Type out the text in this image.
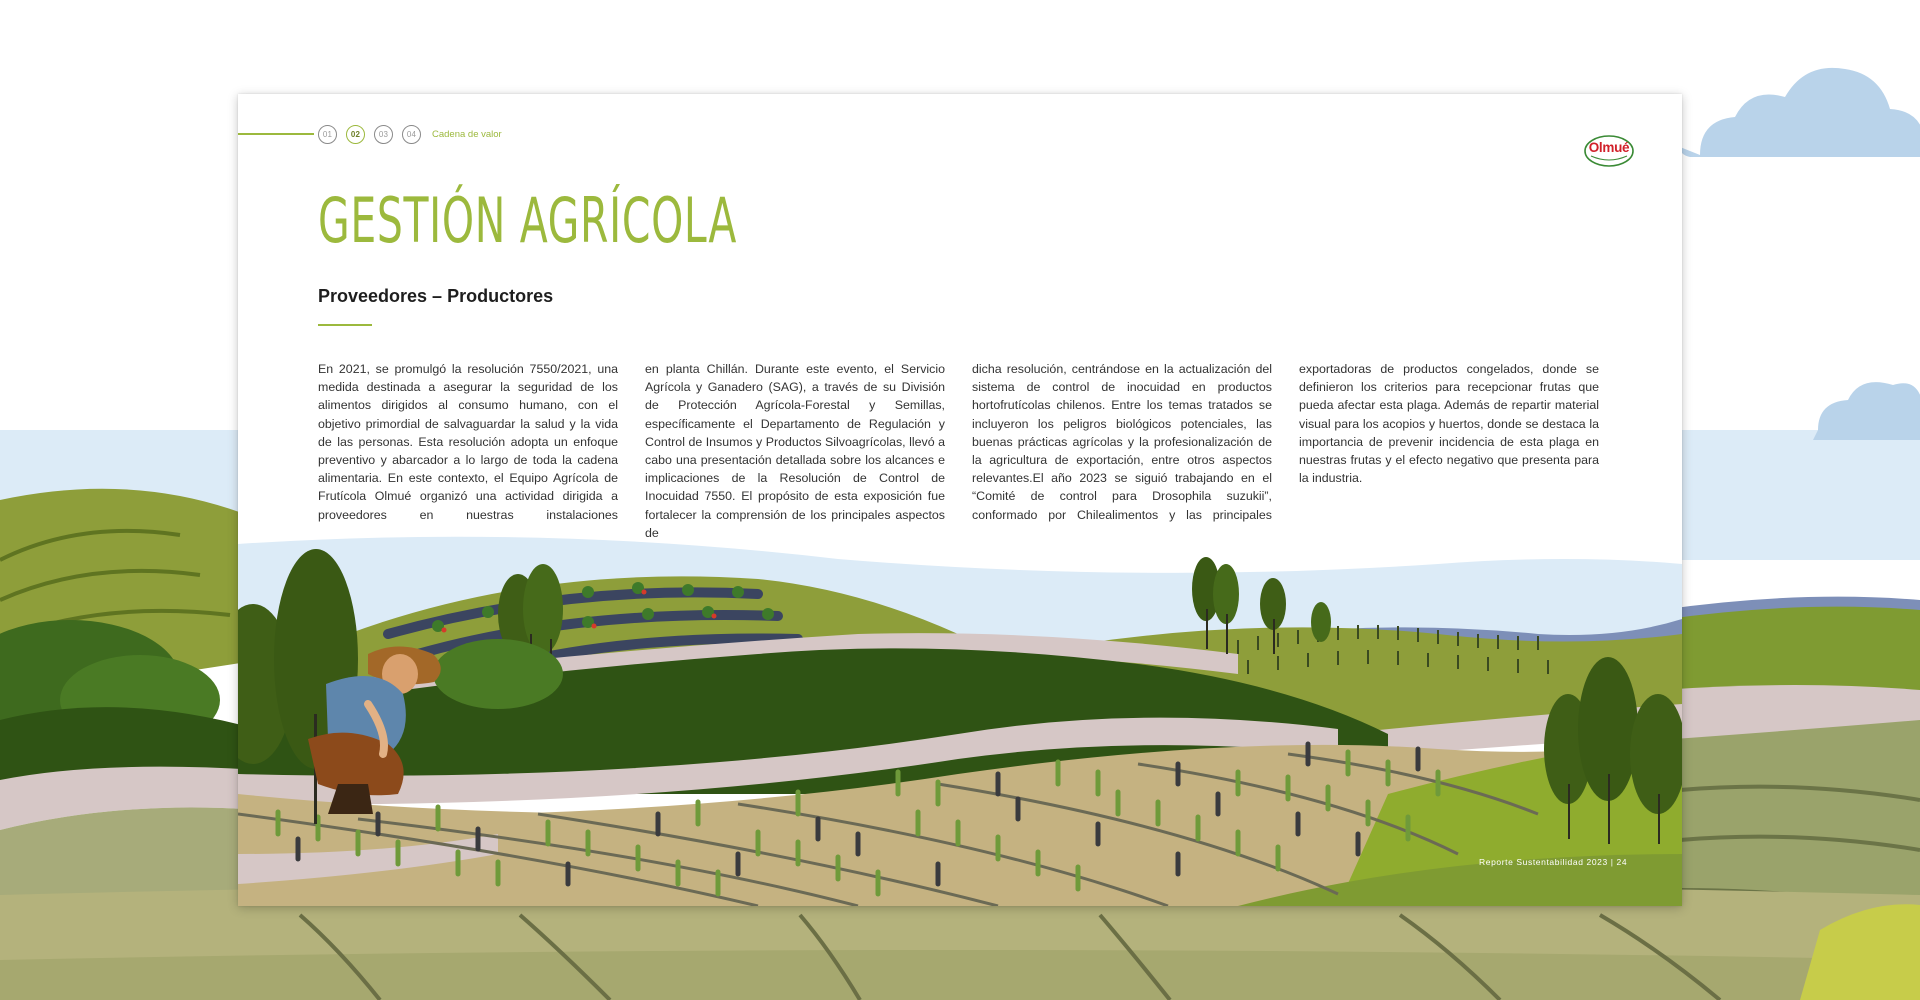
01	02	03	04	Cadena de valor
Olmué
GESTIÓN AGRÍCOLA
Proveedores – Productores

En 2021, se promulgó la resolución 7550/2021, una medida destinada a asegurar la seguridad de los alimentos dirigidos al consumo humano, con el objetivo primordial de salvaguardar la salud y la vida de las personas. Esta resolución adopta un enfoque preventivo y abarcador a lo largo de toda la cadena alimentaria. En este contexto, el Equipo Agrícola de Frutícola Olmué organizó una actividad dirigida a proveedores en nuestras instalaciones

en planta Chillán. Durante este evento, el Servicio Agrícola y Ganadero (SAG), a través de su División de Protección Agrícola-Forestal y Semillas, específicamente el Departamento de Regulación y Control de Insumos y Productos Silvoagrícolas, llevó a cabo una presentación detallada sobre los alcances e implicaciones de la Resolución de Control de Inocuidad 7550. El propósito de esta exposición fue fortalecer la comprensión de los principales aspectos de

dicha resolución, centrándose en la actualización del sistema de control de inocuidad en productos hortofrutícolas chilenos. Entre los temas tratados se incluyeron los peligros biológicos potenciales, las buenas prácticas agrícolas y la profesionalización de la agricultura de exportación, entre otros aspectos relevantes.El año 2023 se siguió trabajando en el “Comité de control para Drosophila suzukii”, conformado por Chilealimentos y las principales

exportadoras de productos congelados, donde se definieron los criterios para recepcionar frutas que pueda afectar esta plaga. Además de repartir material visual para los acopios y huertos, donde se destaca la importancia de prevenir incidencia de esta plaga en nuestras frutas y el efecto negativo que presenta para la industria.

Reporte Sustentabilidad 2023 | 24
